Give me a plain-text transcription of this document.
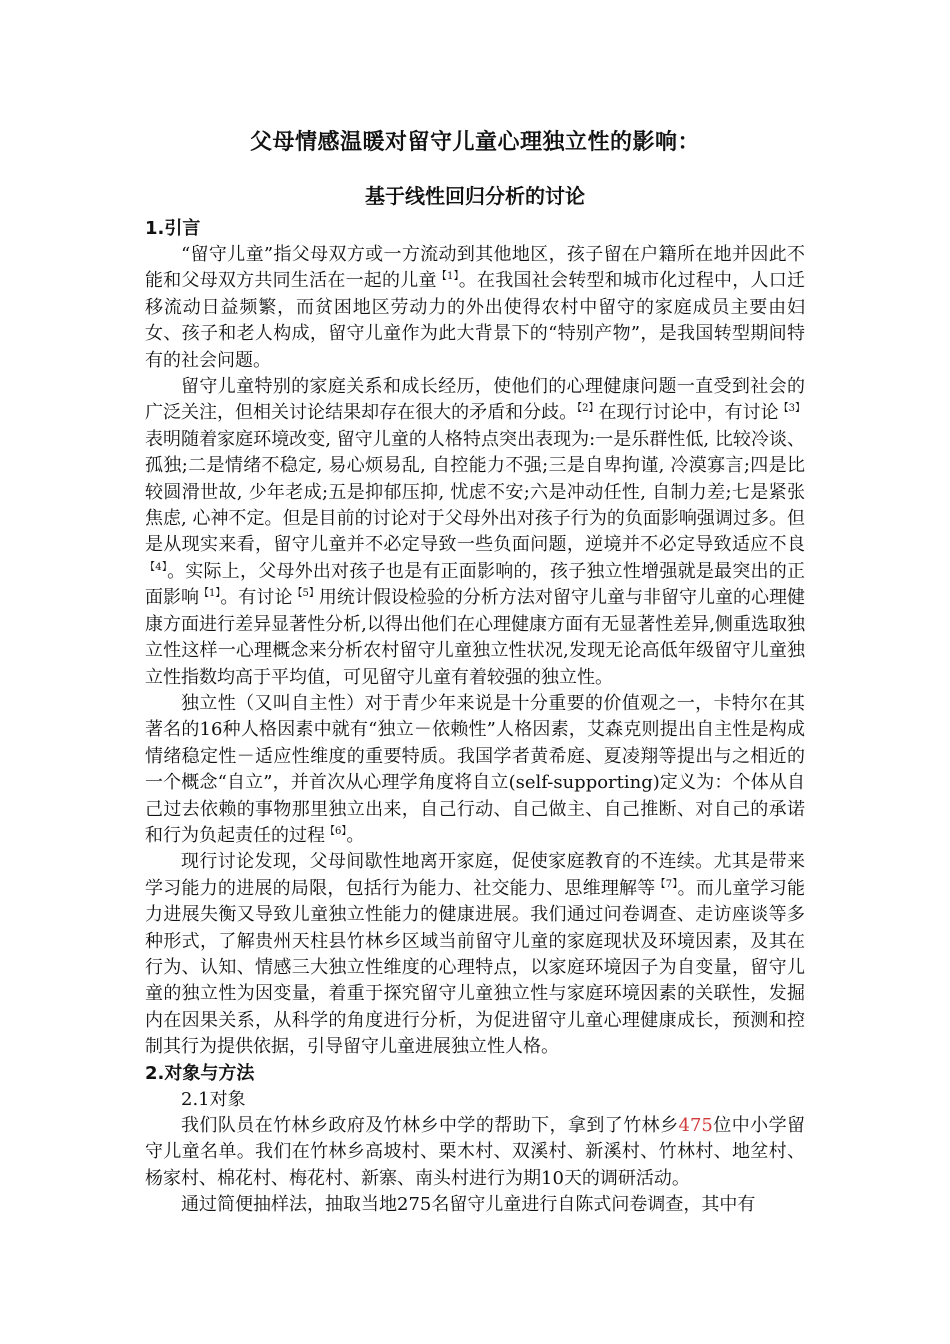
父母情感温暖对留守儿童心理独立性的影响：
基于线性回归分析的讨论
1.引言

“留守儿童”指父母双方或一方流动到其他地区，孩子留在户籍所在地并因此不能和父母双方共同生活在一起的儿童$^{【1】}$。在我国社会转型和城市化过程中，人口迁移流动日益频繁，而贫困地区劳动力的外出使得农村中留守的家庭成员主要由妇女、孩子和老人构成，留守儿童作为此大背景下的“特别产物”，是我国转型期间特有的社会问题。

留守儿童特别的家庭关系和成长经历，使他们的心理健康问题一直受到社会的广泛关注，但相关讨论结果却存在很大的矛盾和分歧。$^{【2】}$在现行讨论中，有讨论$^{【3】}$表明随着家庭环境改变, 留守儿童的人格特点突出表现为:一是乐群性低, 比较冷谈、孤独;二是情绪不稳定, 易心烦易乱, 自控能力不强;三是自卑拘谨, 冷漠寡言;四是比较圆滑世故, 少年老成;五是抑郁压抑, 忧虑不安;六是冲动任性, 自制力差;七是紧张焦虑, 心神不定。但是目前的讨论对于父母外出对孩子行为的负面影响强调过多。但是从现实来看，留守儿童并不必定导致一些负面问题，逆境并不必定导致适应不良$^{【4】}$。实际上，父母外出对孩子也是有正面影响的，孩子独立性增强就是最突出的正面影响$^{【1】}$。有讨论$^{【5】}$用统计假设检验的分析方法对留守儿童与非留守儿童的心理健康方面进行差异显著性分析,以得出他们在心理健康方面有无显著性差异,侧重选取独立性这样一心理概念来分析农村留守儿童独立性状况,发现无论高低年级留守儿童独立性指数均高于平均值，可见留守儿童有着较强的独立性。

独立性（又叫自主性）对于青少年来说是十分重要的价值观之一，卡特尔在其著名的16种人格因素中就有“独立－依赖性”人格因素，艾森克则提出自主性是构成情绪稳定性－适应性维度的重要特质。我国学者黄希庭、夏凌翔等提出与之相近的一个概念“自立”，并首次从心理学角度将自立(self-supporting)定义为：个体从自己过去依赖的事物那里独立出来，自己行动、自己做主、自己推断、对自己的承诺和行为负起责任的过程$^{【6】}$。

现行讨论发现，父母间歇性地离开家庭，促使家庭教育的不连续。尤其是带来学习能力的进展的局限，包括行为能力、社交能力、思维理解等$^{【7】}$。而儿童学习能力进展失衡又导致儿童独立性能力的健康进展。我们通过问卷调查、走访座谈等多种形式，了解贵州天柱县竹林乡区域当前留守儿童的家庭现状及环境因素，及其在行为、认知、情感三大独立性维度的心理特点，以家庭环境因子为自变量，留守儿童的独立性为因变量，着重于探究留守儿童独立性与家庭环境因素的关联性，发掘内在因果关系，从科学的角度进行分析，为促进留守儿童心理健康成长，预测和控制其行为提供依据，引导留守儿童进展独立性人格。

2.对象与方法
2.1对象

我们队员在竹林乡政府及竹林乡中学的帮助下，拿到了竹林乡475位中小学留守儿童名单。我们在竹林乡高坡村、栗木村、双溪村、新溪村、竹林村、地坌村、杨家村、棉花村、梅花村、新寨、南头村进行为期10天的调研活动。

通过简便抽样法，抽取当地275名留守儿童进行自陈式问卷调查，其中有
